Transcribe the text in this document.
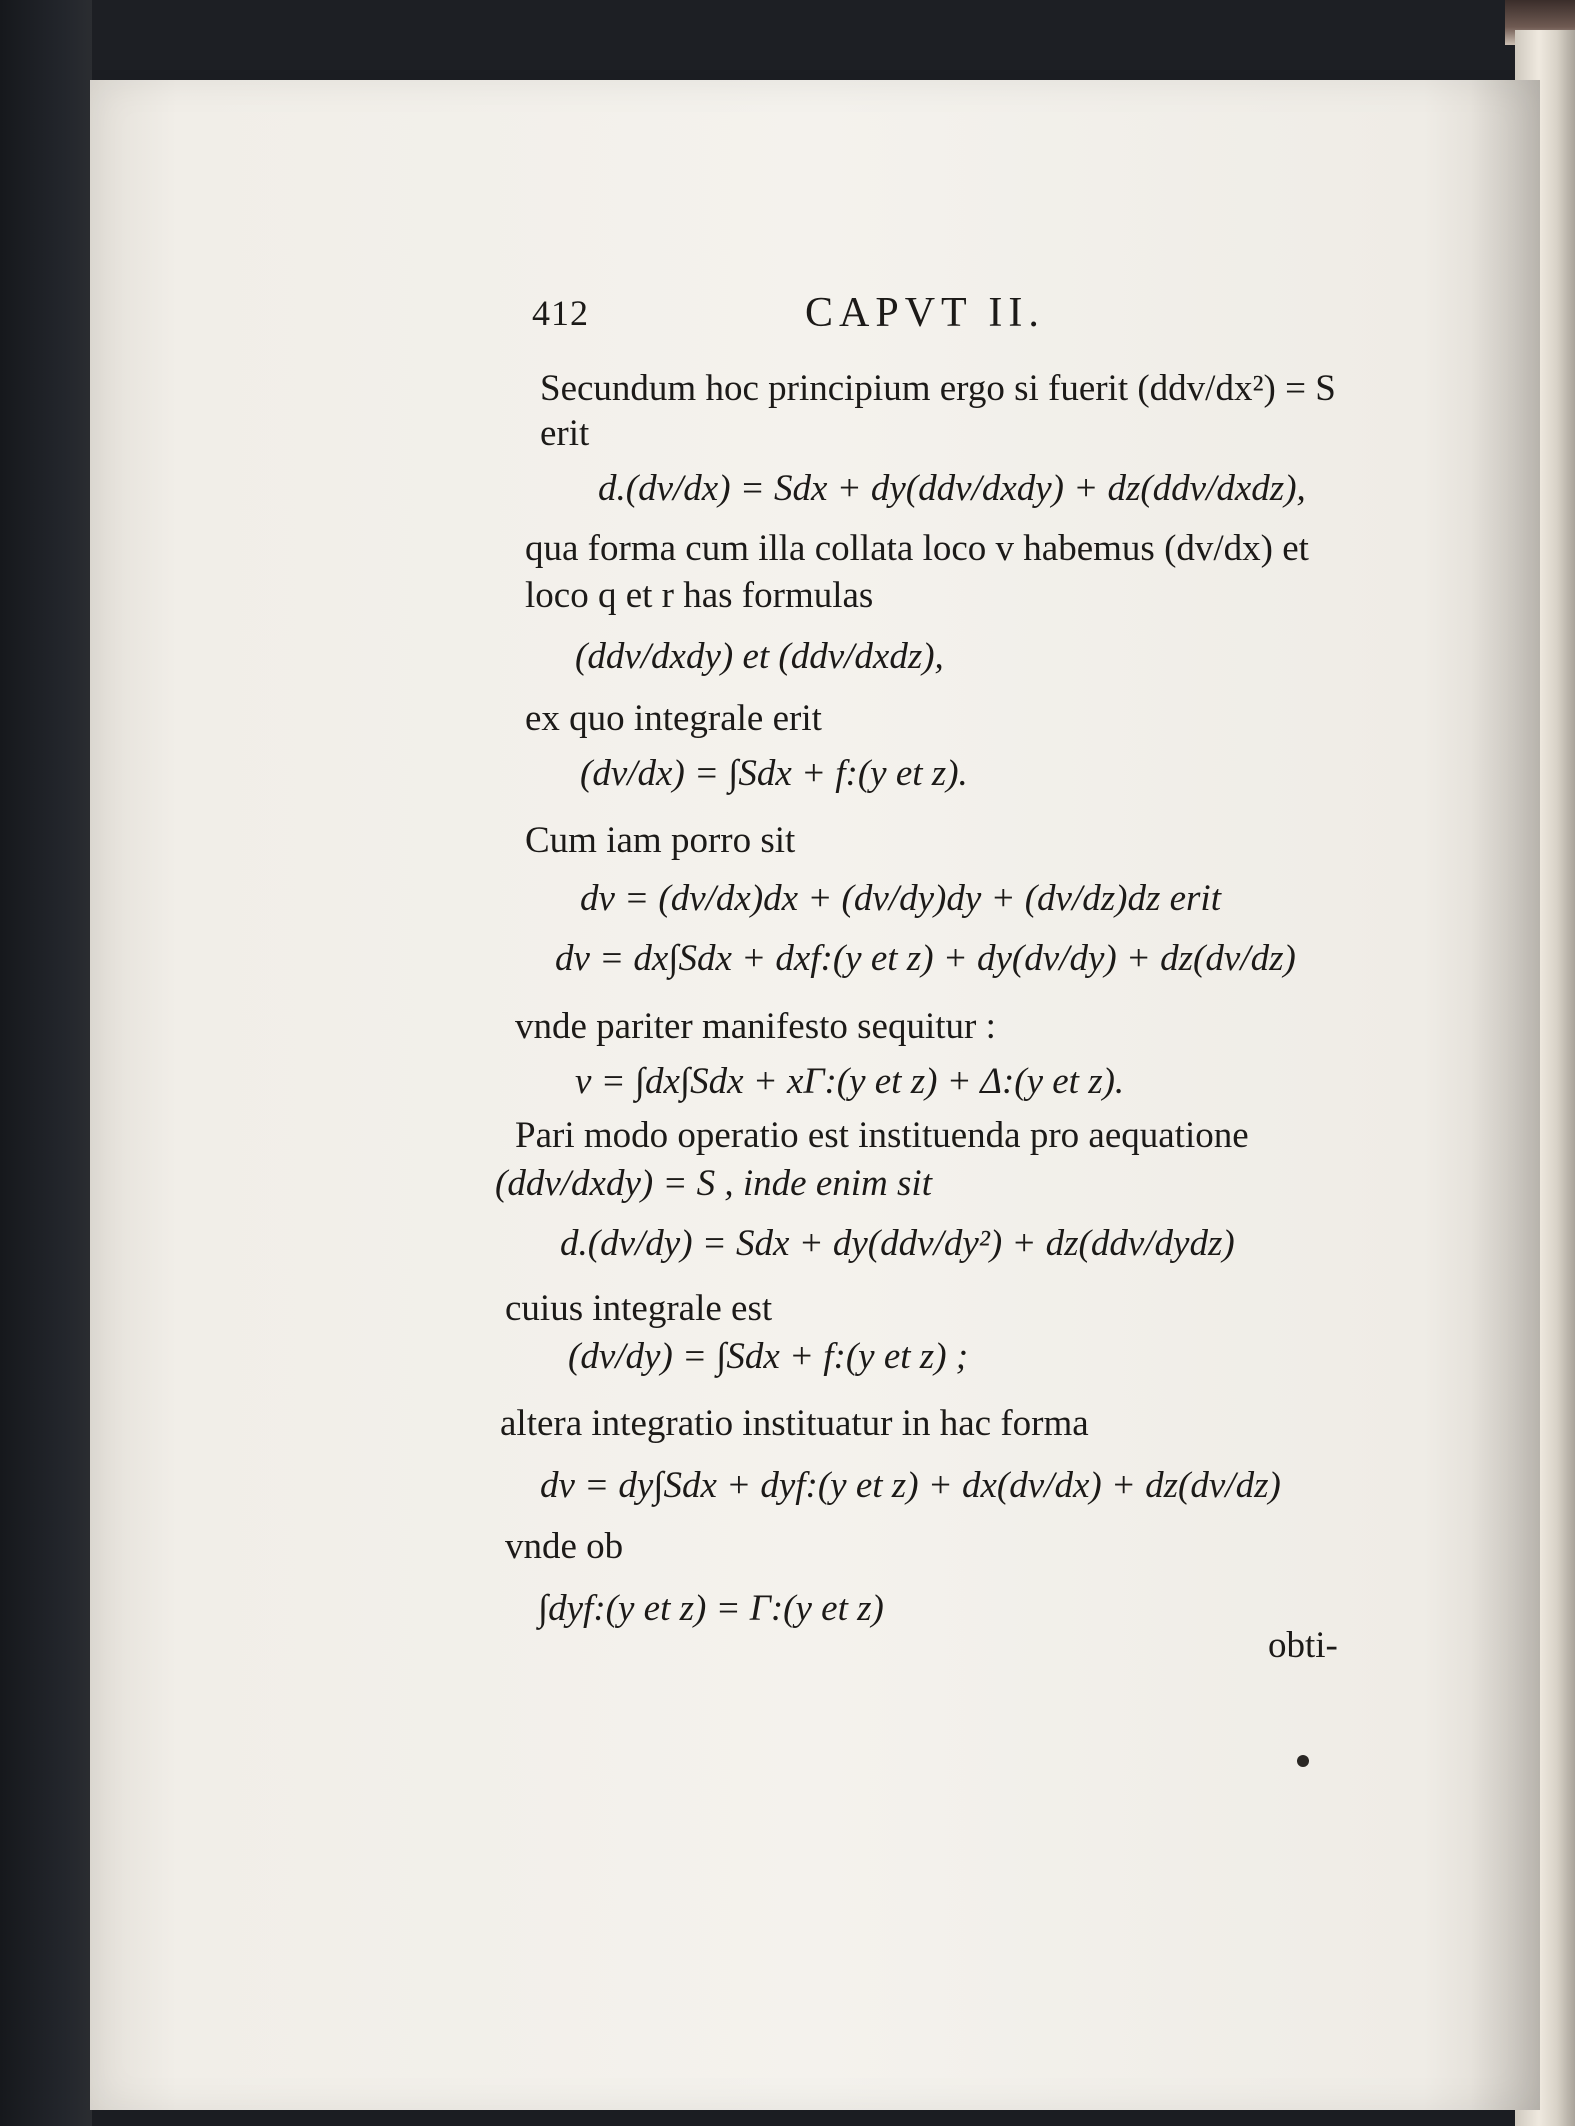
412	CAPVT II.
Secundum hoc principium ergo si fuerit (ddv/dx²) = S
erit
d.(dv/dx) = Sdx + dy(ddv/dxdy) + dz(ddv/dxdz),
qua forma cum illa collata loco v habemus (dv/dx) et
loco q et r has formulas
(ddv/dxdy) et (ddv/dxdz),
ex quo integrale erit
(dv/dx) = ∫Sdx + f:(y et z).
Cum iam porro sit
dv = (dv/dx)dx + (dv/dy)dy + (dv/dz)dz erit
dv = dx∫Sdx + dxf:(y et z) + dy(dv/dy) + dz(dv/dz)
vnde pariter manifesto sequitur :
v = ∫dx∫Sdx + xΓ:(y et z) + Δ:(y et z).
Pari modo operatio est instituenda pro aequatione
(ddv/dxdy) = S , inde enim sit
d.(dv/dy) = Sdx + dy(ddv/dy²) + dz(ddv/dydz)
cuius integrale est
(dv/dy) = ∫Sdx + f:(y et z) ;
altera integratio instituatur in hac forma
dv = dy∫Sdx + dyf:(y et z) + dx(dv/dx) + dz(dv/dz)
vnde ob
∫dyf:(y et z) = Γ:(y et z)
obti-
